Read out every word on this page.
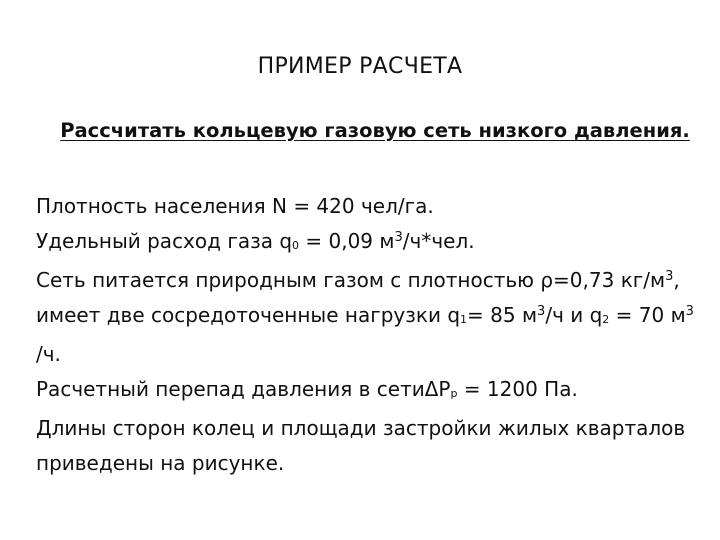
ПРИМЕР РАСЧЕТА
Рассчитать кольцевую газовую сеть низкого давления.

Плотность населения N = 420 чел/га.

Удельный расход газа q0 = 0,09 $м^3/ч*чел$.

Сеть питается природным газом с плотностью ρ=0,73 $кг/м^3$, имеет две сосредоточенные нагрузки q1= 85 $м^3/ч$ и q2 = 70 $м^3$ /ч.

Расчетный перепад давления в сетиΔPp = 1200 Па.

Длины сторон колец и площади застройки жилых кварталов приведены на рисунке.
